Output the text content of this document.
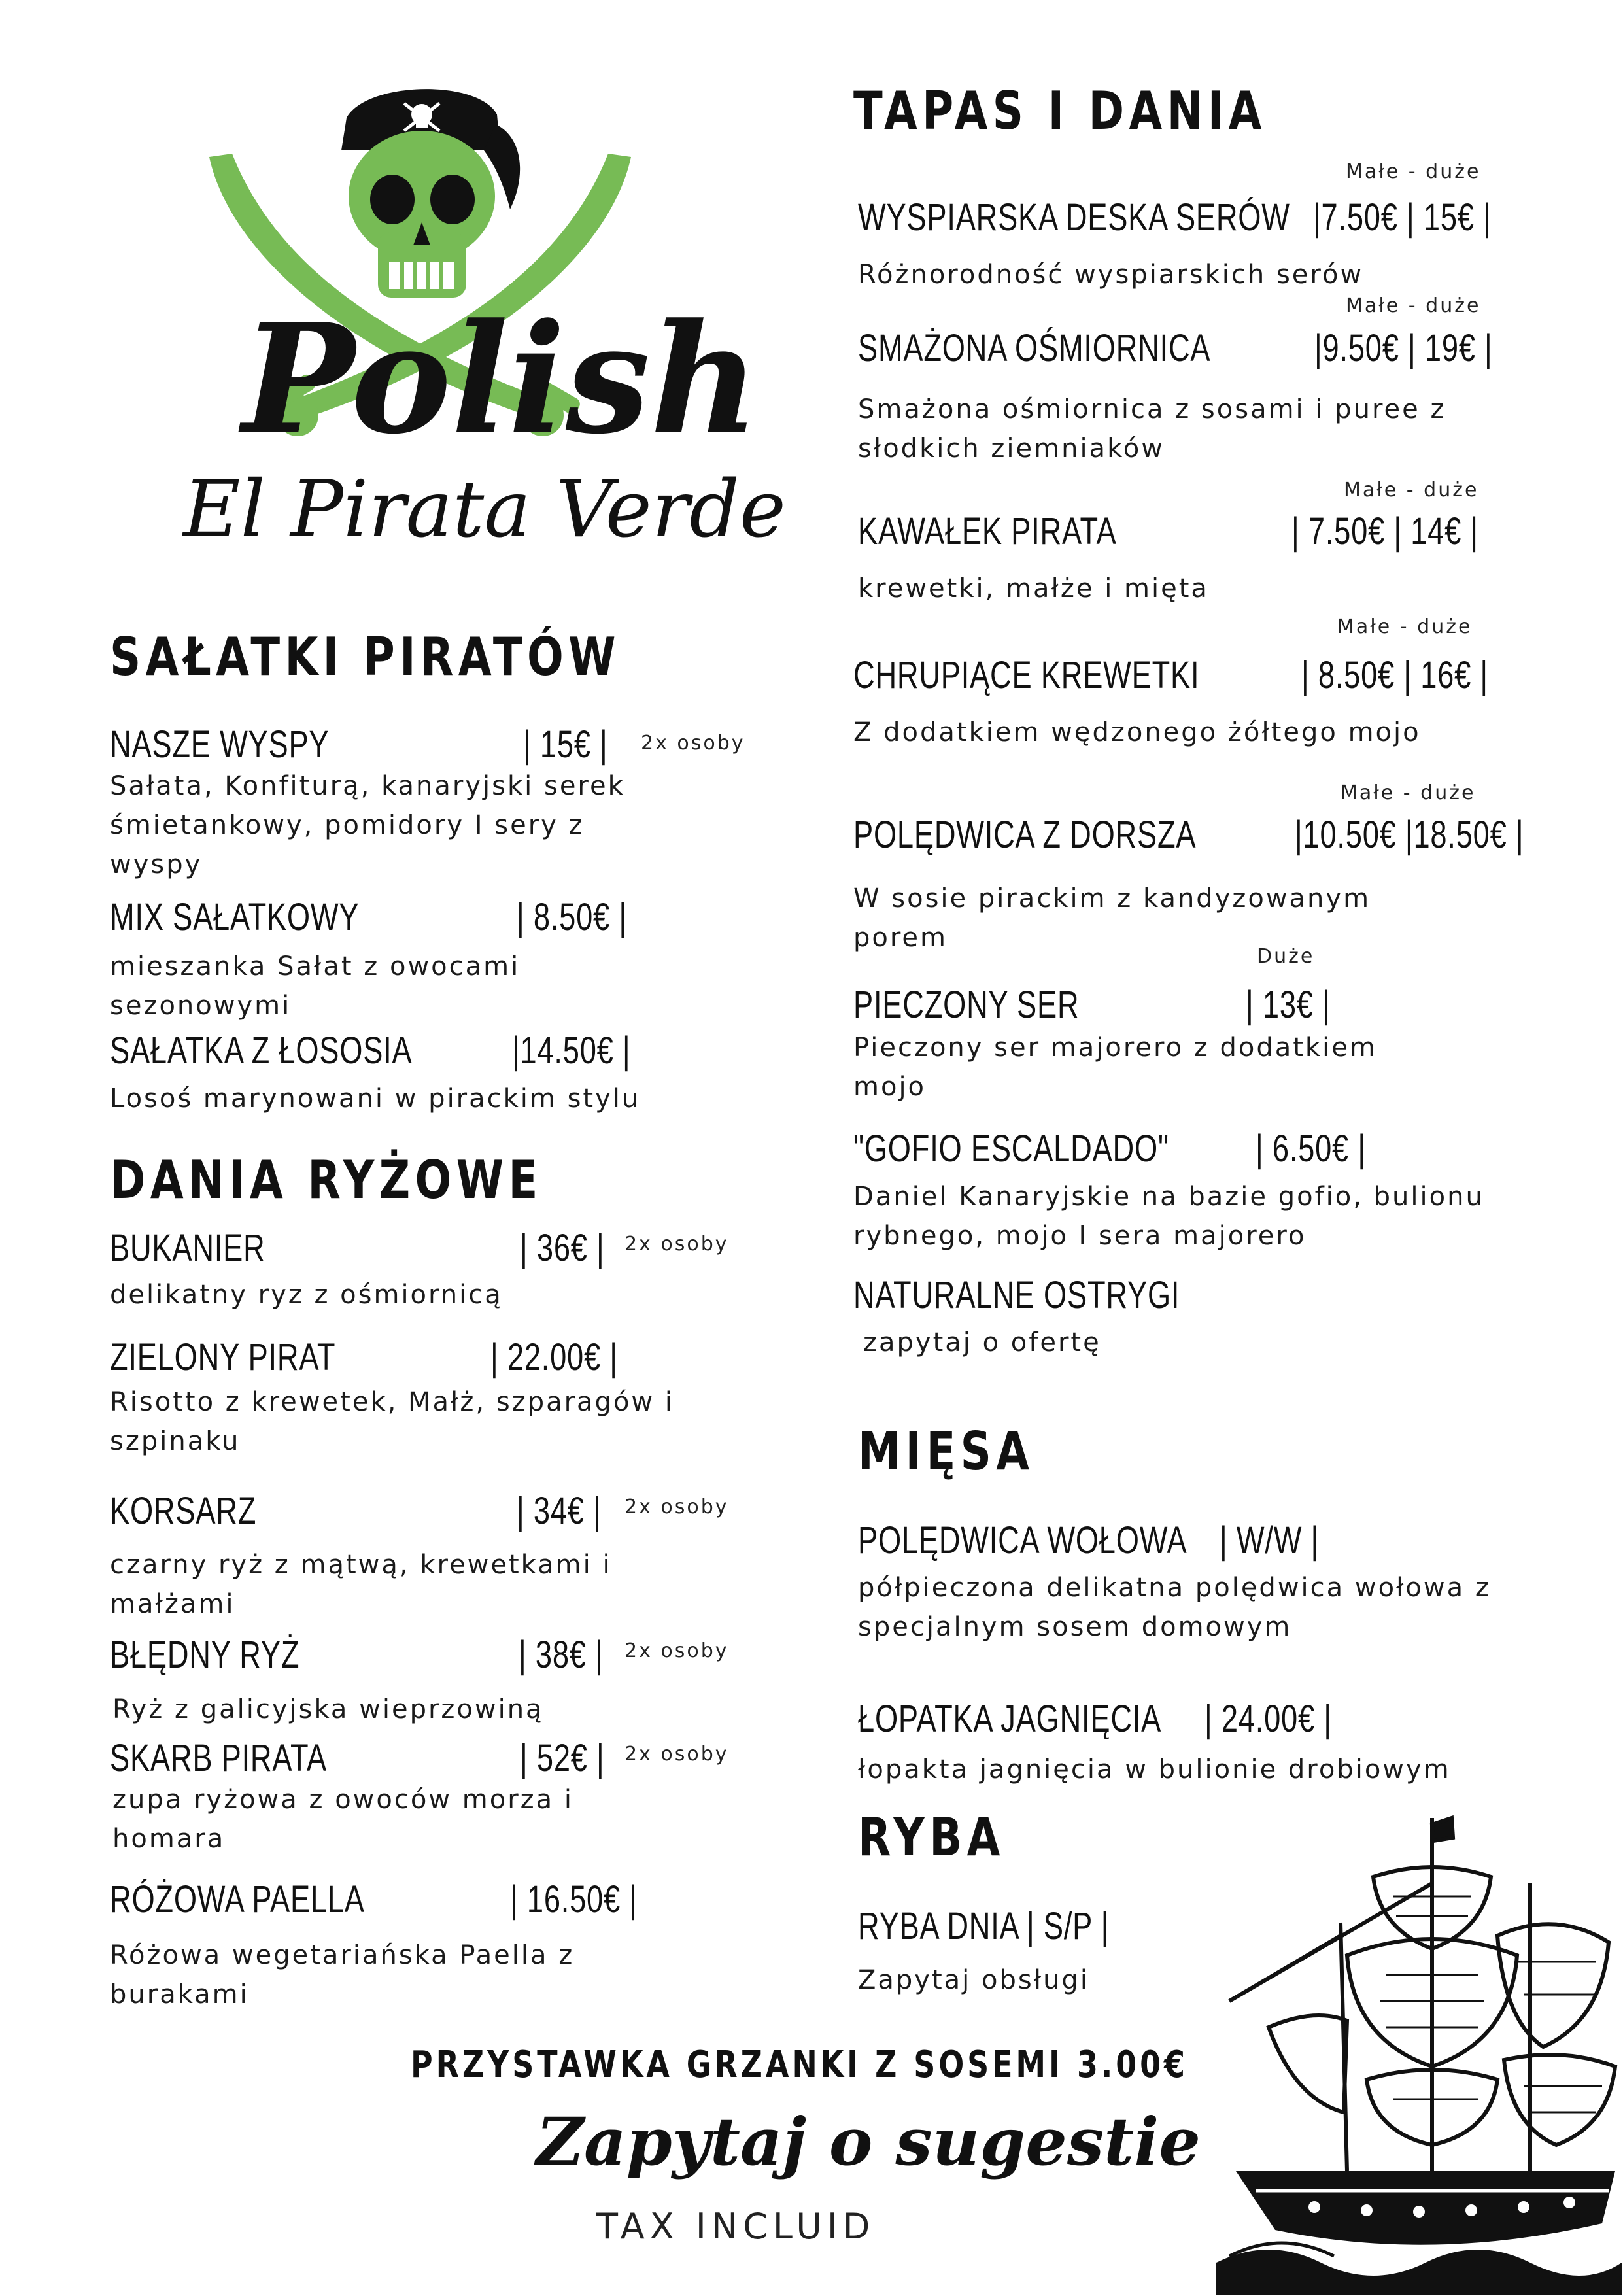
Polish
El Pirata Verde
SAŁATKI PIRATÓW
NASZE WYSPY	| 15€ | 2x osoby
Sałata, Konfiturą, kanaryjski serek śmietankowy, pomidory I sery z wyspy
MIX SAŁATKOWY	| 8.50€ |
mieszanka Sałat z owocami sezonowymi
SAŁATKA Z ŁOSOSIA	|14.50€ |
Losoś marynowani w pirackim stylu
DANIA RYŻOWE
BUKANIER	| 36€ | 2x osoby
delikatny ryz z ośmiornicą
ZIELONY PIRAT	| 22.00€ |
Risotto z krewetek, Małż, szparagów i szpinaku
KORSARZ	| 34€ | 2x osoby
czarny ryż z mątwą, krewetkami i małżami
BŁĘDNY RYŻ	| 38€ | 2x osoby
Ryż z galicyjska wieprzowiną
SKARB PIRATA	| 52€ | 2x osoby
zupa ryżowa z owoców morza i homara
RÓŻOWA PAELLA	| 16.50€ |
Różowa wegetariańska Paella z burakami
TAPAS I DANIA
Małe - duże
WYSPIARSKA DESKA SERÓW |7.50€ | 15€ |
Różnorodność wyspiarskich serów
Małe - duże
SMAŻONA OŚMIORNICA	|9.50€ | 19€ |
Smażona ośmiornica z sosami i puree z słodkich ziemniaków
Małe - duże
KAWAŁEK PIRATA	| 7.50€ | 14€ |
krewetki, małże i mięta
Małe - duże
CHRUPIĄCE KREWETKI	| 8.50€ | 16€ |
Z dodatkiem wędzonego żółtego mojo
Małe - duże
POLĘDWICA Z DORSZA	|10.50€ |18.50€ |
W sosie pirackim z kandyzowanym porem
Duże
PIECZONY SER	| 13€ |
Pieczony ser majorero z dodatkiem mojo
"GOFIO ESCALDADO" | 6.50€ |
Daniel Kanaryjskie na bazie gofio, bulionu rybnego, mojo I sera majorero
NATURALNE OSTRYGI
zapytaj o ofertę
MIĘSA
POLĘDWICA WOŁOWA | W/W |
półpieczona delikatna polędwica wołowa z specjalnym sosem domowym
ŁOPATKA JAGNIĘCIA | 24.00€ |
łopakta jagnięcia w bulionie drobiowym
RYBA
RYBA DNIA | S/P |
Zapytaj obsługi
PRZYSTAWKA GRZANKI Z SOSEMI 3.00€
Zapytaj o sugestie
TAX INCLUID
